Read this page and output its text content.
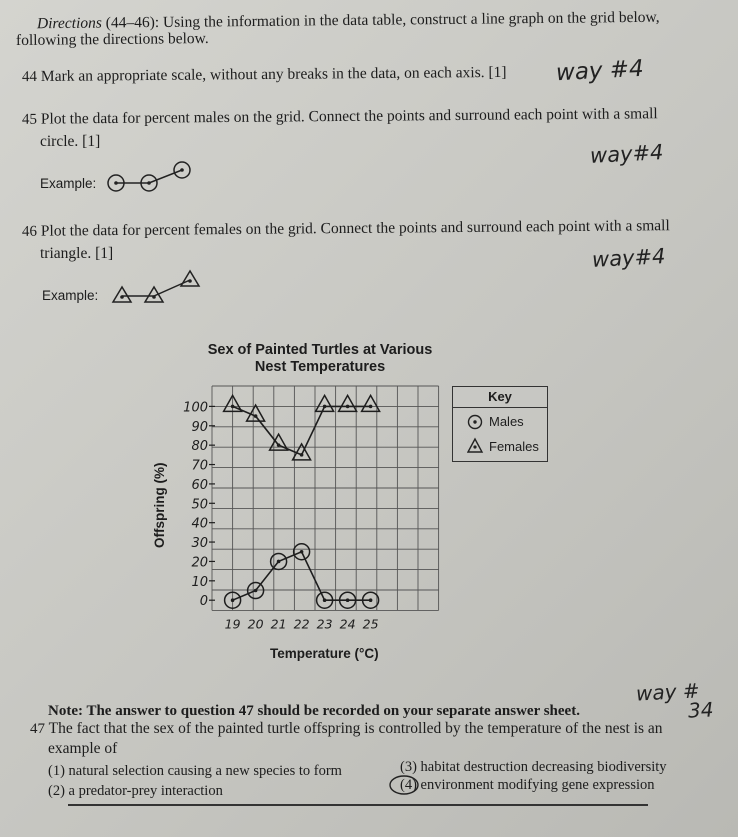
Directions (44–46): Using the information in the data table, construct a line graph on the grid below,
following the directions below.
44 Mark an appropriate scale, without any breaks in the data, on each axis. [1] way #4
45 Plot the data for percent males on the grid. Connect the points and surround each point with a small
circle. [1]	way#4
Example:
46 Plot the data for percent females on the grid. Connect the points and surround each point with a small
triangle. [1]	way#4
Example:
Sex of Painted Turtles at Various
Nest Temperatures
Offspring (%)
Temperature (°C)
0
10
20
30
40
50
60
70
80
90
100
19 20 21 22 23 24 25
Key
Males
Females
Note: The answer to question 47 should be recorded on your separate answer sheet.
way #
34
47 The fact that the sex of the painted turtle offspring is controlled by the temperature of the nest is an
example of
(1) natural selection causing a new species to form
(2) a predator-prey interaction
(3) habitat destruction decreasing biodiversity
(4) environment modifying gene expression
